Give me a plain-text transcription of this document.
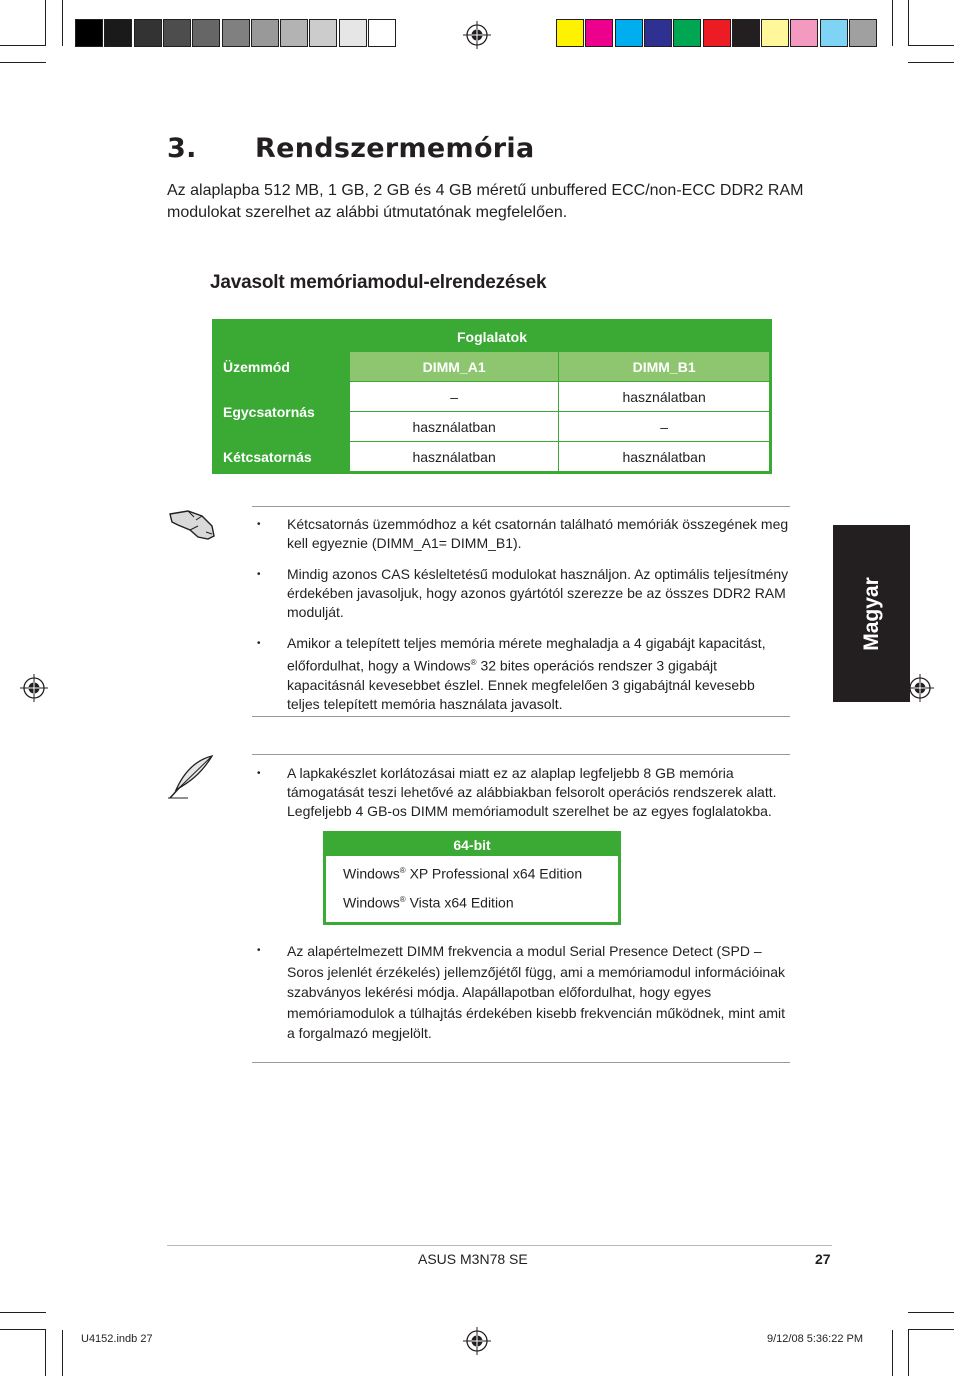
3. Rendszermemória

Az alaplapba 512 MB, 1 GB, 2 GB és 4 GB méretű unbuffered ECC/non-ECC DDR2 RAM modulokat szerelhet az alábbi útmutatónak megfelelően.

Javasolt memóriamodul-elrendezések
Foglalatok		
Üzemmód	DIMM_A1	DIMM_B1
Egycsatornás	–	használatban
	használatban	–
Kétcsatornás	használatban	használatban
• Kétcsatornás üzemmódhoz a két csatornán található memóriák összegének meg kell egyeznie (DIMM_A1= DIMM_B1).
• Mindig azonos CAS késleltetésű modulokat használjon. Az optimális teljesítmény érdekében javasoljuk, hogy azonos gyártótól szerezze be az összes DDR2 RAM modulját.
• Amikor a telepített teljes memória mérete meghaladja a 4 gigabájt kapacitást, előfordulhat, hogy a Windows® 32 bites operációs rendszer 3 gigabájt kapacitásnál kevesebbet észlel. Ennek megfelelően 3 gigabájtnál kevesebb teljes telepített memória használata javasolt.
• A lapkakészlet korlátozásai miatt ez az alaplap legfeljebb 8 GB memória támogatását teszi lehetővé az alábbiakban felsorolt operációs rendszerek alatt. Legfeljebb 4 GB-os DIMM memóriamodult szerelhet be az egyes foglalatokba.
64-bit
Windows® XP Professional x64 Edition
Windows® Vista x64 Edition
• Az alapértelmezett DIMM frekvencia a modul Serial Presence Detect (SPD – Soros jelenlét érzékelés) jellemzőjétől függ, ami a memóriamodul információinak szabványos lekérési módja. Alapállapotban előfordulhat, hogy egyes memóriamodulok a túlhajtás érdekében kisebb frekvencián működnek, mint amit a forgalmazó megjelölt.
Magyar
ASUS M3N78 SE	27
U4152.indb 27	9/12/08 5:36:22 PM
